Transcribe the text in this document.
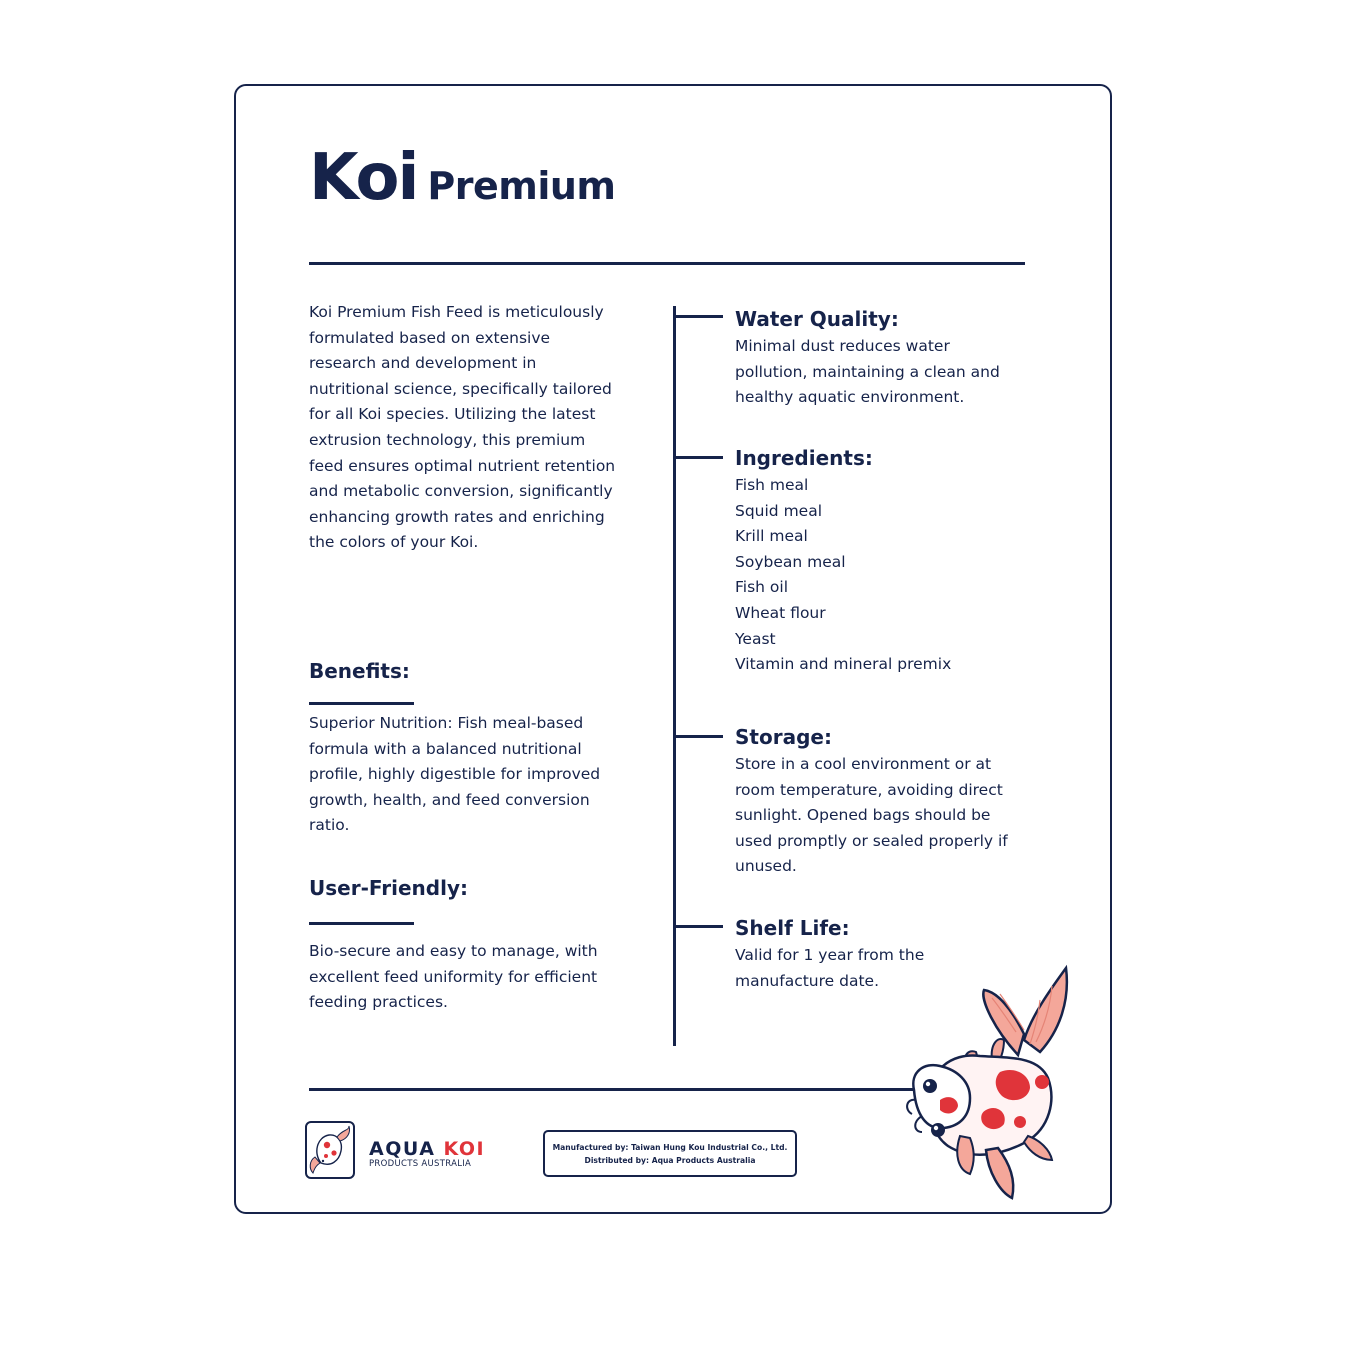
Koi Premium

Koi Premium Fish Feed is meticulously formulated based on extensive research and development in nutritional science, specifically tailored for all Koi species. Utilizing the latest extrusion technology, this premium feed ensures optimal nutrient retention and metabolic conversion, significantly enhancing growth rates and enriching the colors of your Koi.

Benefits:

Superior Nutrition: Fish meal-based formula with a balanced nutritional profile, highly digestible for improved growth, health, and feed conversion ratio.

User-Friendly:

Bio-secure and easy to manage, with excellent feed uniformity for efficient feeding practices.

Water Quality:

Minimal dust reduces water pollution, maintaining a clean and healthy aquatic environment.

Ingredients:
Fish meal
Squid meal
Krill meal
Soybean meal
Fish oil
Wheat flour
Yeast
Vitamin and mineral premix
Storage:

Store in a cool environment or at room temperature, avoiding direct sunlight. Opened bags should be used promptly or sealed properly if unused.

Shelf Life:

Valid for 1 year from the manufacture date.

AQUA KOI
PRODUCTS AUSTRALIA
Manufactured by: Taiwan Hung Kou Industrial Co., Ltd.
Distributed by: Aqua Products Australia
